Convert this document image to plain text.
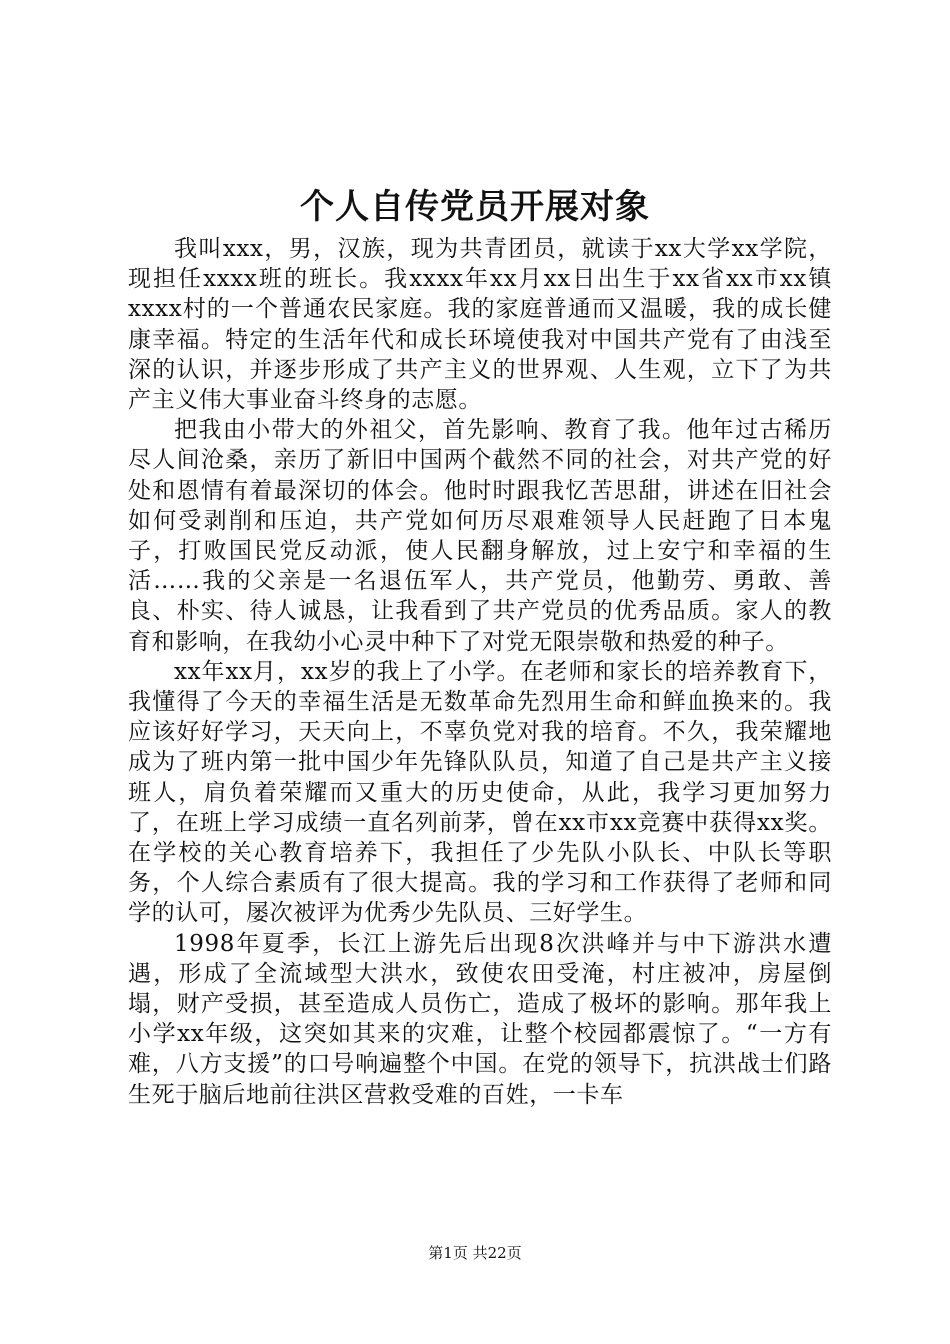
个人自传党员开展对象

我叫xxx，男，汉族，现为共青团员，就读于xx大学xx学院，现担任xxxx班的班长。我xxxx年xx月xx日出生于xx省xx市xx镇xxxx村的一个普通农民家庭。我的家庭普通而又温暖，我的成长健康幸福。特定的生活年代和成长环境使我对中国共产党有了由浅至深的认识，并逐步形成了共产主义的世界观、人生观，立下了为共产主义伟大事业奋斗终身的志愿。

把我由小带大的外祖父，首先影响、教育了我。他年过古稀历尽人间沧桑，亲历了新旧中国两个截然不同的社会，对共产党的好处和恩情有着最深切的体会。他时时跟我忆苦思甜，讲述在旧社会如何受剥削和压迫，共产党如何历尽艰难领导人民赶跑了日本鬼子，打败国民党反动派，使人民翻身解放，过上安宁和幸福的生活……我的父亲是一名退伍军人，共产党员，他勤劳、勇敢、善良、朴实、待人诚恳，让我看到了共产党员的优秀品质。家人的教育和影响，在我幼小心灵中种下了对党无限崇敬和热爱的种子。

xx年xx月，xx岁的我上了小学。在老师和家长的培养教育下，我懂得了今天的幸福生活是无数革命先烈用生命和鲜血换来的。我应该好好学习，天天向上，不辜负党对我的培育。不久，我荣耀地成为了班内第一批中国少年先锋队队员，知道了自己是共产主义接班人，肩负着荣耀而又重大的历史使命，从此，我学习更加努力了，在班上学习成绩一直名列前茅，曾在xx市xx竞赛中获得xx奖。在学校的关心教育培养下，我担任了少先队小队长、中队长等职务，个人综合素质有了很大提高。我的学习和工作获得了老师和同学的认可，屡次被评为优秀少先队员、三好学生。

1998年夏季，长江上游先后出现8次洪峰并与中下游洪水遭遇，形成了全流域型大洪水，致使农田受淹，村庄被冲，房屋倒塌，财产受损，甚至造成人员伤亡，造成了极坏的影响。那年我上小学xx年级，这突如其来的灾难，让整个校园都震惊了。“一方有难，八方支援”的口号响遍整个中国。在党的领导下，抗洪战士们路生死于脑后地前往洪区营救受难的百姓，一卡车

第1页 共22页
